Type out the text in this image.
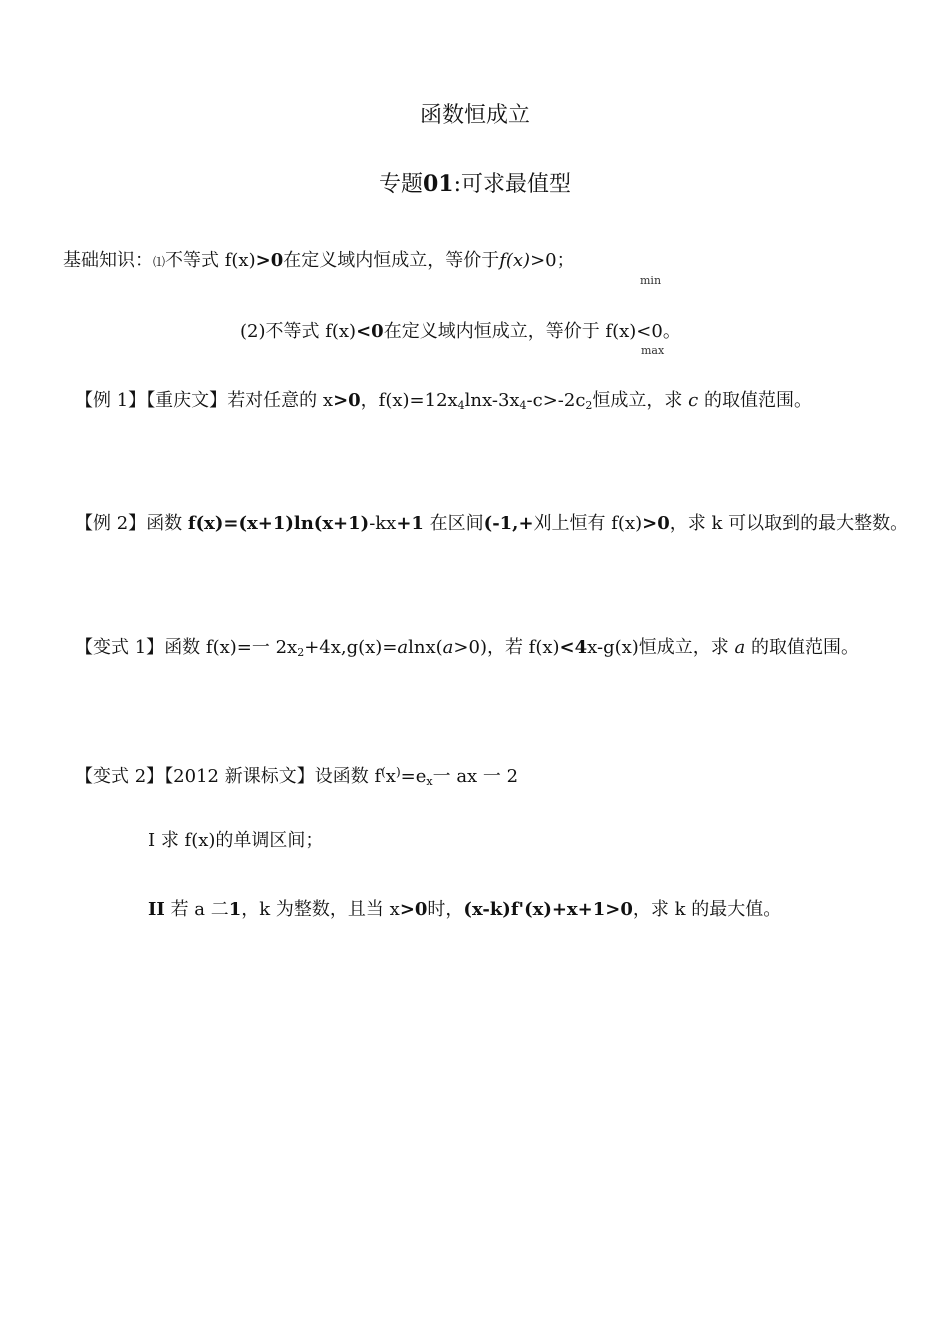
函数恒成立
专题01:可求最值型
基础知识：⑴不等式 f(x)>0在定义域内恒成立，等价于f(x)>0；
min
(2)不等式 f(x)<0在定义域内恒成立，等价于 f(x)<0。
max
【例 1】【重庆文】若对任意的 x>0，f(x)=12x4lnx-3x4-c>-2c2恒成立，求 c 的取值范围。
【例 2】函数 f(x)=(x+1)ln(x+1)-kx+1 在区间(-1,+刈上恒有 f(x)>0，求 k 可以取到的最大整数。
【变式 1】函数 f(x)=一 2x2+4x,g(x)=alnx(a>0)，若 f(x)<4x-g(x)恒成立，求 a 的取值范围。
【变式 2】【2012 新课标文】设函数 f(x)=ex一 ax 一 2
I 求 f(x)的单调区间；
II 若 a 二1，k 为整数，且当 x>0时，(x-k)f'(x)+x+1>0，求 k 的最大值。
